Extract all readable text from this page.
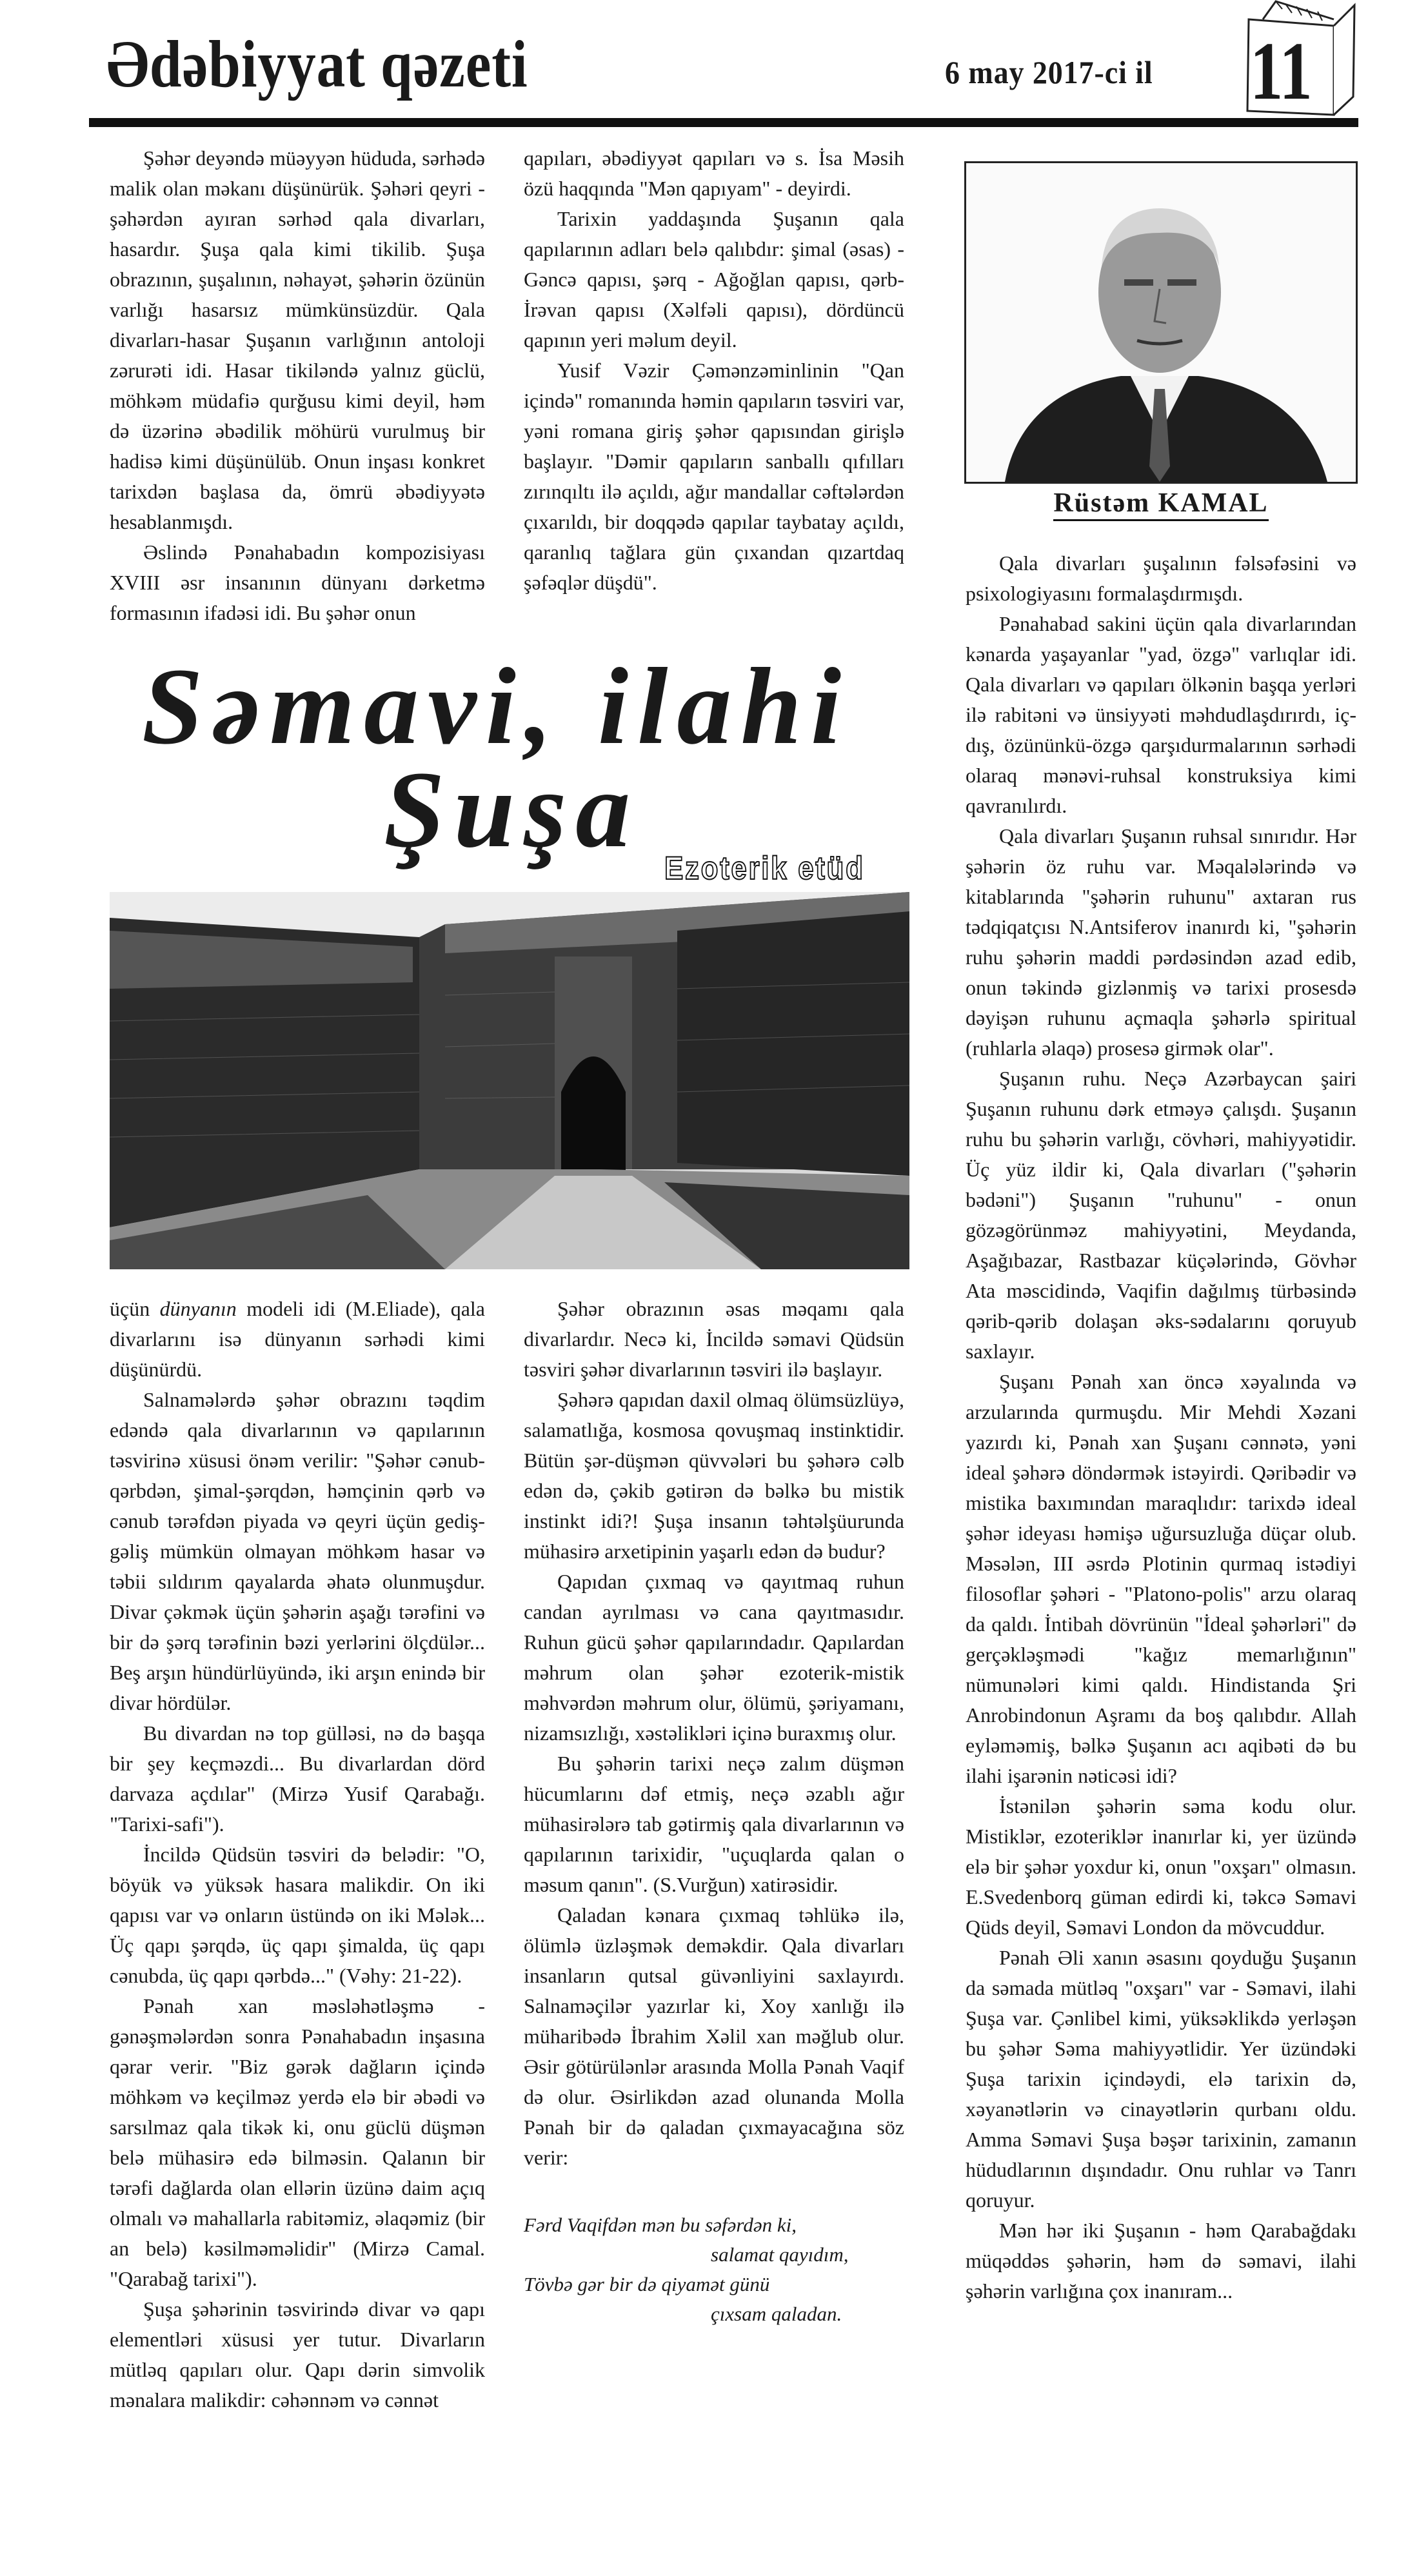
Ədəbiyyat qəzeti	6 may 2017-ci il 11

Şəhər deyəndə müəyyən hüduda, sərhədə malik olan məkanı düşünürük. Şəhəri qeyri - şəhərdən ayıran sərhəd qala divarları, hasardır. Şuşa qala kimi tikilib. Şuşa obrazının, şuşalının, nəhayət, şəhərin özünün varlığı hasarsız mümkünsüzdür. Qala divarları-hasar Şuşanın varlığının antoloji zərurəti idi. Hasar tikiləndə yalnız güclü, möhkəm müdafiə qurğusu kimi deyil, həm də üzərinə əbədilik möhürü vurulmuş bir hadisə kimi düşünülüb. Onun inşası konkret tarixdən başlasa da, ömrü əbədiyyətə hesablanmışdı.

Əslində Pənahabadın kompozisiyası XVIII əsr insanının dünyanı dərketmə formasının ifadəsi idi. Bu şəhər onun

qapıları, əbədiyyət qapıları və s. İsa Məsih özü haqqında "Mən qapıyam" - deyirdi.

Tarixin yaddaşında Şuşanın qala qapılarının adları belə qalıbdır: şimal (əsas) - Gəncə qapısı, şərq - Ağoğlan qapısı, qərb-İrəvan qapısı (Xəlfəli qapısı), dördüncü qapının yeri məlum deyil.

Yusif Vəzir Çəmənzəminlinin "Qan içində" romanında həmin qapıların təsviri var, yəni romana giriş şəhər qapısından girişlə başlayır. "Dəmir qapıların sanballı qıfılları zırınqıltı ilə açıldı, ağır mandallar cəftələrdən çıxarıldı, bir doqqədə qapılar taybatay açıldı, qaranlıq tağlara gün çıxandan qızartdaq şəfəqlər düşdü".

Rüstəm KAMAL

Qala divarları şuşalının fəlsəfəsini və psixologiyasını formalaşdırmışdı.

Pənahabad sakini üçün qala divarlarından kənarda yaşayanlar "yad, özgə" varlıqlar idi. Qala divarları və qapıları ölkənin başqa yerləri ilə rabitəni və ünsiyyəti məhdudlaşdırırdı, iç-dış, özününkü-özgə qarşıdurmalarının sərhədi olaraq mənəvi-ruhsal konstruksiya kimi qavranılırdı.

Qala divarları Şuşanın ruhsal sınırıdır. Hər şəhərin öz ruhu var. Məqalələrində və kitablarında "şəhərin ruhunu" axtaran rus tədqiqatçısı N.Antsiferov inanırdı ki, "şəhərin ruhu şəhərin maddi pərdəsindən azad edib, onun təkində gizlənmiş və tarixi prosesdə dəyişən ruhunu açmaqla şəhərlə spiritual (ruhlarla əlaqə) prosesə girmək olar".

Şuşanın ruhu. Neçə Azərbaycan şairi Şuşanın ruhunu dərk etməyə çalışdı. Şuşanın ruhu bu şəhərin varlığı, cövhəri, mahiyyətidir. Üç yüz ildir ki, Qala divarları ("şəhərin bədəni") Şuşanın "ruhunu" - onun gözəgörünməz mahiyyətini, Meydanda, Aşağıbazar, Rastbazar küçələrində, Gövhər Ata məscidində, Vaqifin dağılmış türbəsində qərib-qərib dolaşan əks-sədalarını qoruyub saxlayır.

Şuşanı Pənah xan öncə xəyalında və arzularında qurmuşdu. Mir Mehdi Xəzani yazırdı ki, Pənah xan Şuşanı cənnətə, yəni ideal şəhərə döndərmək istəyirdi. Qəribədir və mistika baxımından maraqlıdır: tarixdə ideal şəhər ideyası həmişə uğursuzluğa düçar olub. Məsələn, III əsrdə Plotinin qurmaq istədiyi filosoflar şəhəri - "Platono-polis" arzu olaraq da qaldı. İntibah dövrünün "İdeal şəhərləri" də gerçəkləşmədi "kağız memarlığının" nümunələri kimi qaldı. Hindistanda Şri Anrobindonun Aşramı da boş qalıbdır. Allah eyləməmiş, bəlkə Şuşanın acı aqibəti də bu ilahi işarənin nəticəsi idi?

İstənilən şəhərin səma kodu olur. Mistiklər, ezoteriklər inanırlar ki, yer üzündə elə bir şəhər yoxdur ki, onun "oxşarı" olmasın. E.Svedenborq güman edirdi ki, təkcə Səmavi Qüds deyil, Səmavi London da mövcuddur.

Pənah Əli xanın əsasını qoyduğu Şuşanın da səmada mütləq "oxşarı" var - Səmavi, ilahi Şuşa var. Çənlibel kimi, yüksəklikdə yerləşən bu şəhər Səma mahiyyətlidir. Yer üzündəki Şuşa tarixin içindəydi, elə tarixin də, xəyanətlərin və cinayətlərin qurbanı oldu. Amma Səmavi Şuşa bəşər tarixinin, zamanın hüdudlarının dışındadır. Onu ruhlar və Tanrı qoruyur.

Mən hər iki Şuşanın - həm Qarabağdakı müqəddəs şəhərin, həm də səmavi, ilahi şəhərin varlığına çox inanıram...

Səmavi, ilahi
Şuşa Ezoterik etüd

üçün dünyanın modeli idi (M.Eliade), qala divarlarını isə dünyanın sərhədi kimi düşünürdü.

Salnamələrdə şəhər obrazını təqdim edəndə qala divarlarının və qapılarının təsvirinə xüsusi önəm verilir: "Şəhər cənub-qərbdən, şimal-şərqdən, həmçinin qərb və cənub tərəfdən piyada və qeyri üçün gediş-gəliş mümkün olmayan möhkəm hasar və təbii sıldırım qayalarda əhatə olunmuşdur. Divar çəkmək üçün şəhərin aşağı tərəfini və bir də şərq tərəfinin bəzi yerlərini ölçdülər... Beş arşın hündürlüyündə, iki arşın enində bir divar hördülər.

Bu divardan nə top gülləsi, nə də başqa bir şey keçməzdi... Bu divarlardan dörd darvaza açdılar" (Mirzə Yusif Qarabağı. "Tarixi-safi").

İncildə Qüdsün təsviri də belədir: "O, böyük və yüksək hasara malikdir. On iki qapısı var və onların üstündə on iki Mələk... Üç qapı şərqdə, üç qapı şimalda, üç qapı cənubda, üç qapı qərbdə..." (Vəhy: 21-22).

Pənah xan məsləhətləşmə - gənəşmələrdən sonra Pənahabadın inşasına qərar verir. "Biz gərək dağların içində möhkəm və keçilməz yerdə elə bir əbədi və sarsılmaz qala tikək ki, onu güclü düşmən belə mühasirə edə bilməsin. Qalanın bir tərəfi dağlarda olan ellərin üzünə daim açıq olmalı və mahallarla rabitəmiz, əlaqəmiz (bir an belə) kəsilməməlidir" (Mirzə Camal. "Qarabağ tarixi").

Şuşa şəhərinin təsvirində divar və qapı elementləri xüsusi yer tutur. Divarların mütləq qapıları olur. Qapı dərin simvolik mənalara malikdir: cəhənnəm və cənnət

Şəhər obrazının əsas məqamı qala divarlardır. Necə ki, İncildə səmavi Qüdsün təsviri şəhər divarlarının təsviri ilə başlayır.

Şəhərə qapıdan daxil olmaq ölümsüzlüyə, salamatlığa, kosmosa qovuşmaq instinktidir. Bütün şər-düşmən qüvvələri bu şəhərə cəlb edən də, çəkib gətirən də bəlkə bu mistik instinkt idi?! Şuşa insanın təhtəlşüurunda mühasirə arxetipinin yaşarlı edən də budur?

Qapıdan çıxmaq və qayıtmaq ruhun candan ayrılması və cana qayıtmasıdır. Ruhun gücü şəhər qapılarındadır. Qapılardan məhrum olan şəhər ezoterik-mistik məhvərdən məhrum olur, ölümü, şəriyamanı, nizamsızlığı, xəstəlikləri içinə buraxmış olur.

Bu şəhərin tarixi neçə zalım düşmən hücumlarını dəf etmiş, neçə əzablı ağır mühasirələrə tab gətirmiş qala divarlarının və qapılarının tarixidir, "uçuqlarda qalan o məsum qanın". (S.Vurğun) xatirəsidir.

Qaladan kənara çıxmaq təhlükə ilə, ölümlə üzləşmək deməkdir. Qala divarları insanların qutsal güvənliyini saxlayırdı. Salnaməçilər yazırlar ki, Xoy xanlığı ilə müharibədə İbrahim Xəlil xan məğlub olur. Əsir götürülənlər arasında Molla Pənah Vaqif də olur. Əsirlikdən azad olunanda Molla Pənah bir də qaladan çıxmayacağına söz verir:

Fərd Vaqifdən mən bu səfərdən ki,
salamat qayıdım,
Tövbə gər bir də qiyamət günü
çıxsam qaladan.
